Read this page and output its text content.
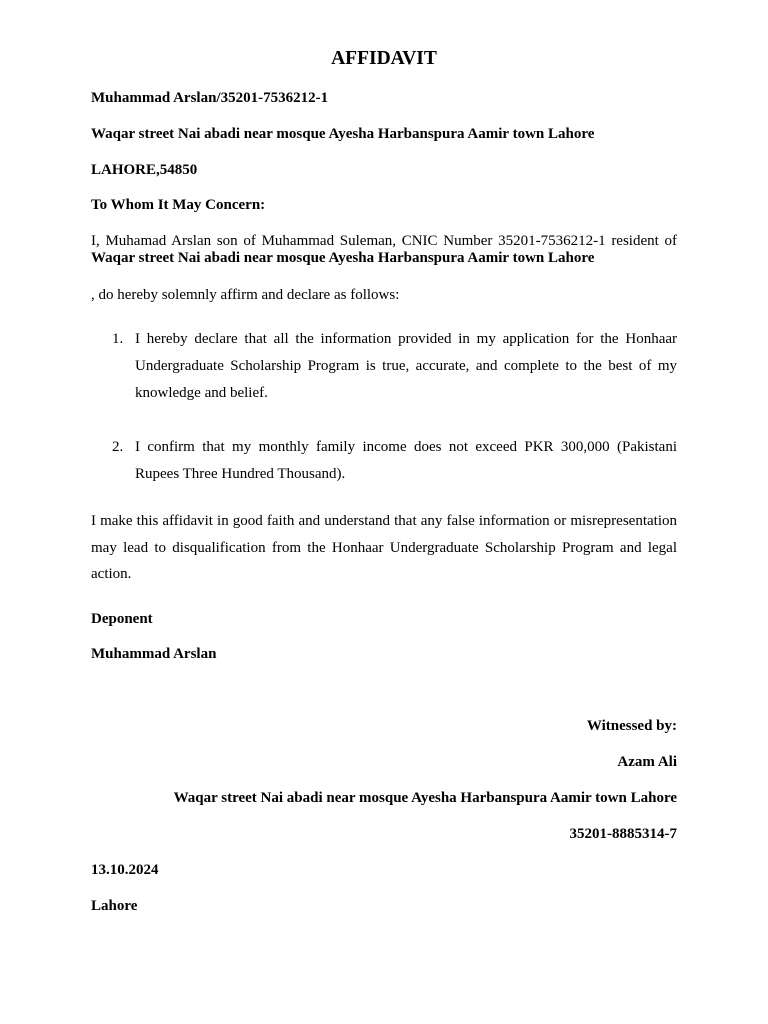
AFFIDAVIT
Muhammad Arslan/35201-7536212-1
Waqar street Nai abadi near mosque Ayesha Harbanspura Aamir town Lahore
LAHORE,54850
To Whom It May Concern:
I, Muhamad Arslan son of Muhammad Suleman, CNIC Number 35201-7536212-1 resident of
Waqar street Nai abadi near mosque Ayesha Harbanspura Aamir town Lahore
, do hereby solemnly affirm and declare as follows:
1. I hereby declare that all the information provided in my application for the Honhaar Undergraduate Scholarship Program is true, accurate, and complete to the best of my knowledge and belief.
2. I confirm that my monthly family income does not exceed PKR 300,000 (Pakistani Rupees Three Hundred Thousand).
I make this affidavit in good faith and understand that any false information or misrepresentation may lead to disqualification from the Honhaar Undergraduate Scholarship Program and legal action.
Deponent
Muhammad Arslan
Witnessed by:
Azam Ali
Waqar street Nai abadi near mosque Ayesha Harbanspura Aamir town Lahore
35201-8885314-7
13.10.2024
Lahore
